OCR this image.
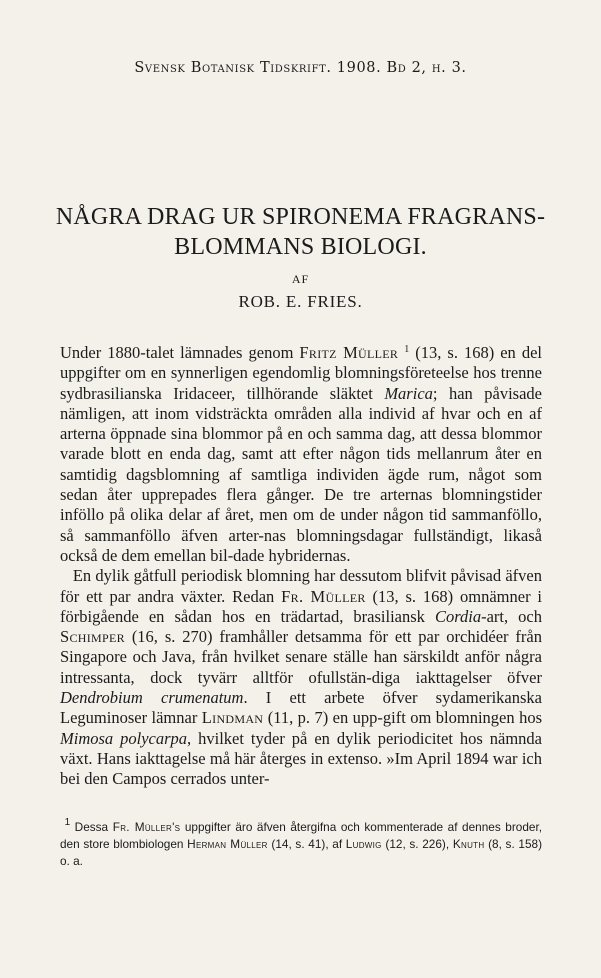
Svensk Botanisk Tidskrift. 1908. Bd 2, h. 3.
NÅGRA DRAG UR SPIRONEMA FRAGRANS-
BLOMMANS BIOLOGI.
AF
ROB. E. FRIES.

Under 1880-talet lämnades genom Fritz Müller $^1$ (13, s. 168) en del uppgifter om en synnerligen egendomlig blomningsföreteelse hos trenne sydbrasilianska Iridaceer, tillhörande släktet Marica; han påvisade nämligen, att inom vidsträckta områden alla individ af hvar och en af arterna öppnade sina blommor på en och samma dag, att dessa blommor varade blott en enda dag, samt att efter någon tids mellanrum åter en samtidig dagsblomning af samtliga individen ägde rum, något som sedan åter upprepades flera gånger. De tre arternas blomningstider inföllo på olika delar af året, men om de under någon tid sammanföllo, så sammanföllo äfven arter-nas blomningsdagar fullständigt, likaså också de dem emellan bil-dade hybridernas.

En dylik gåtfull periodisk blomning har dessutom blifvit påvisad äfven för ett par andra växter. Redan Fr. Müller (13, s. 168) omnämner i förbigående en sådan hos en trädartad, brasiliansk Cordia-art, och Schimper (16, s. 270) framhåller detsamma för ett par orchidéer från Singapore och Java, från hvilket senare ställe han särskildt anför några intressanta, dock tyvärr alltför ofullstän-diga iakttagelser öfver Dendrobium crumenatum. I ett arbete öfver sydamerikanska Leguminoser lämnar Lindman (11, p. 7) en upp-gift om blomningen hos Mimosa polycarpa, hvilket tyder på en dylik periodicitet hos nämnda växt. Hans iakttagelse må här återges in extenso. »Im April 1894 war ich bei den Campos cerrados unter-

$^1$ Dessa Fr. Müller's uppgifter äro äfven återgifna och kommenterade af dennes broder, den store blombiologen Herman Müller (14, s. 41), af Ludwig (12, s. 226), Knuth (8, s. 158) o. a.
